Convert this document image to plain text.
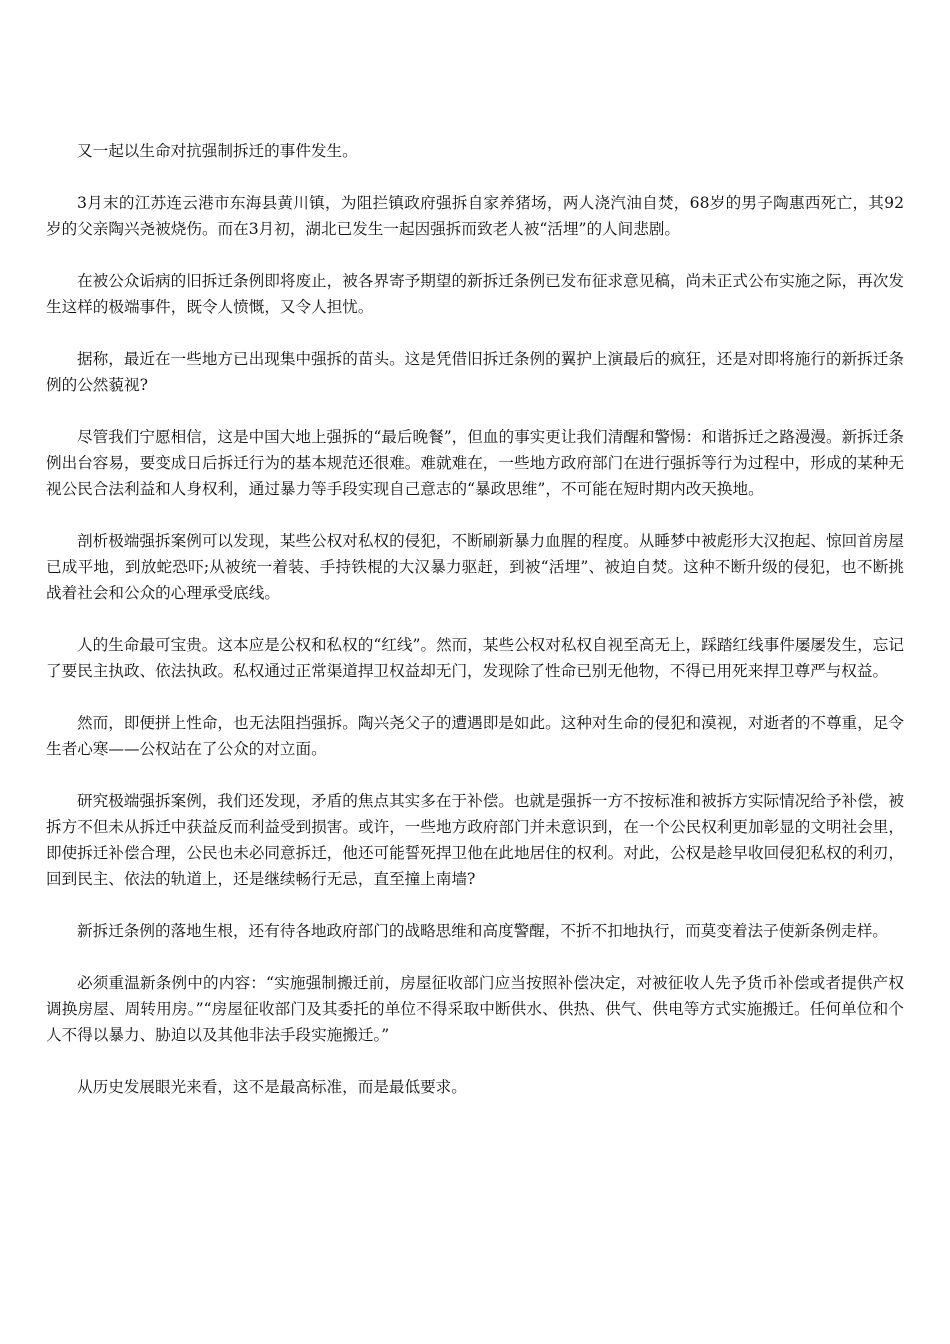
又一起以生命对抗强制拆迁的事件发生。

3月末的江苏连云港市东海县黄川镇，为阻拦镇政府强拆自家养猪场，两人浇汽油自焚，68岁的男子陶惠西死亡，其92岁的父亲陶兴尧被烧伤。而在3月初，湖北已发生一起因强拆而致老人被“活埋”的人间悲剧。

在被公众诟病的旧拆迁条例即将废止，被各界寄予期望的新拆迁条例已发布征求意见稿，尚未正式公布实施之际，再次发生这样的极端事件，既令人愤慨，又令人担忧。

据称，最近在一些地方已出现集中强拆的苗头。这是凭借旧拆迁条例的翼护上演最后的疯狂，还是对即将施行的新拆迁条例的公然藐视?

尽管我们宁愿相信，这是中国大地上强拆的“最后晚餐”，但血的事实更让我们清醒和警惕：和谐拆迁之路漫漫。新拆迁条例出台容易，要变成日后拆迁行为的基本规范还很难。难就难在，一些地方政府部门在进行强拆等行为过程中，形成的某种无视公民合法利益和人身权利，通过暴力等手段实现自己意志的“暴政思维”，不可能在短时期内改天换地。

剖析极端强拆案例可以发现，某些公权对私权的侵犯，不断刷新暴力血腥的程度。从睡梦中被彪形大汉抱起、惊回首房屋已成平地，到放蛇恐吓;从被统一着装、手持铁棍的大汉暴力驱赶，到被“活埋”、被迫自焚。这种不断升级的侵犯，也不断挑战着社会和公众的心理承受底线。

人的生命最可宝贵。这本应是公权和私权的“红线”。然而，某些公权对私权自视至高无上，踩踏红线事件屡屡发生，忘记了要民主执政、依法执政。私权通过正常渠道捍卫权益却无门，发现除了性命已别无他物，不得已用死来捍卫尊严与权益。

然而，即便拼上性命，也无法阻挡强拆。陶兴尧父子的遭遇即是如此。这种对生命的侵犯和漠视，对逝者的不尊重，足令生者心寒——公权站在了公众的对立面。

研究极端强拆案例，我们还发现，矛盾的焦点其实多在于补偿。也就是强拆一方不按标准和被拆方实际情况给予补偿，被拆方不但未从拆迁中获益反而利益受到损害。或许，一些地方政府部门并未意识到，在一个公民权利更加彰显的文明社会里，即使拆迁补偿合理，公民也未必同意拆迁，他还可能誓死捍卫他在此地居住的权利。对此，公权是趁早收回侵犯私权的利刃，回到民主、依法的轨道上，还是继续畅行无忌，直至撞上南墙?

新拆迁条例的落地生根，还有待各地政府部门的战略思维和高度警醒，不折不扣地执行，而莫变着法子使新条例走样。

必须重温新条例中的内容：“实施强制搬迁前，房屋征收部门应当按照补偿决定，对被征收人先予货币补偿或者提供产权调换房屋、周转用房。”“房屋征收部门及其委托的单位不得采取中断供水、供热、供气、供电等方式实施搬迁。任何单位和个人不得以暴力、胁迫以及其他非法手段实施搬迁。”

从历史发展眼光来看，这不是最高标准，而是最低要求。
